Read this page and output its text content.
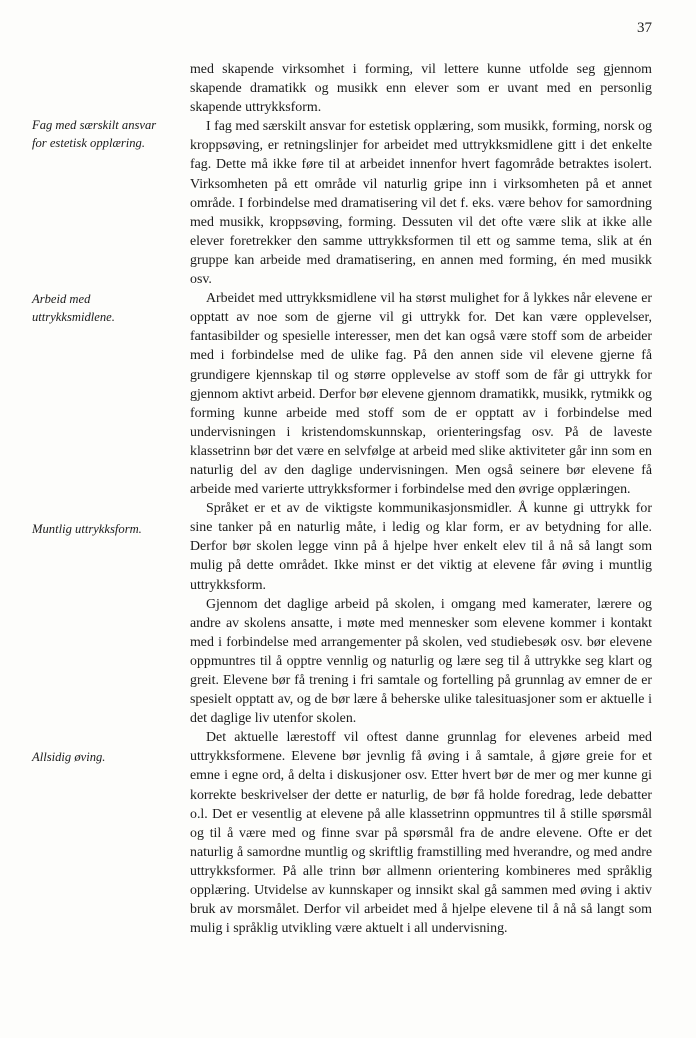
37
Fag med særskilt ansvar for estetisk opplæring.
Arbeid med uttrykksmidlene.
Muntlig uttrykksform.
Allsidig øving.

med skapende virksomhet i forming, vil lettere kunne utfolde seg gjennom skapende dramatikk og musikk enn elever som er uvant med en personlig skapende uttrykksform.

I fag med særskilt ansvar for estetisk opplæring, som musikk, forming, norsk og kroppsøving, er retningslinjer for arbeidet med uttrykksmidlene gitt i det enkelte fag. Dette må ikke føre til at arbeidet innenfor hvert fagområde betraktes isolert. Virksomheten på ett område vil naturlig gripe inn i virksomheten på et annet område. I forbindelse med dramatisering vil det f. eks. være behov for samordning med musikk, kroppsøving, forming. Dessuten vil det ofte være slik at ikke alle elever foretrekker den samme uttrykksformen til ett og samme tema, slik at én gruppe kan arbeide med dramatisering, en annen med forming, én med musikk osv.

Arbeidet med uttrykksmidlene vil ha størst mulighet for å lykkes når elevene er opptatt av noe som de gjerne vil gi uttrykk for. Det kan være opplevelser, fantasibilder og spesielle interesser, men det kan også være stoff som de arbeider med i forbindelse med de ulike fag. På den annen side vil elevene gjerne få grundigere kjennskap til og større opplevelse av stoff som de får gi uttrykk for gjennom aktivt arbeid. Derfor bør elevene gjennom dramatikk, musikk, rytmikk og forming kunne arbeide med stoff som de er opptatt av i forbindelse med undervisningen i kristendomskunnskap, orienteringsfag osv. På de laveste klassetrinn bør det være en selvfølge at arbeid med slike aktiviteter går inn som en naturlig del av den daglige undervisningen. Men også seinere bør elevene få arbeide med varierte uttrykksformer i forbindelse med den øvrige opplæringen.

Språket er et av de viktigste kommunikasjonsmidler. Å kunne gi uttrykk for sine tanker på en naturlig måte, i ledig og klar form, er av betydning for alle. Derfor bør skolen legge vinn på å hjelpe hver enkelt elev til å nå så langt som mulig på dette området. Ikke minst er det viktig at elevene får øving i muntlig uttrykksform.

Gjennom det daglige arbeid på skolen, i omgang med kamerater, lærere og andre av skolens ansatte, i møte med mennesker som elevene kommer i kontakt med i forbindelse med arrangementer på skolen, ved studiebesøk osv. bør elevene oppmuntres til å opptre vennlig og naturlig og lære seg til å uttrykke seg klart og greit. Elevene bør få trening i fri samtale og fortelling på grunnlag av emner de er spesielt opptatt av, og de bør lære å beherske ulike talesituasjoner som er aktuelle i det daglige liv utenfor skolen.

Det aktuelle lærestoff vil oftest danne grunnlag for elevenes arbeid med uttrykksformene. Elevene bør jevnlig få øving i å samtale, å gjøre greie for et emne i egne ord, å delta i diskusjoner osv. Etter hvert bør de mer og mer kunne gi korrekte beskrivelser der dette er naturlig, de bør få holde foredrag, lede debatter o.l. Det er vesentlig at elevene på alle klassetrinn oppmuntres til å stille spørsmål og til å være med og finne svar på spørsmål fra de andre elevene. Ofte er det naturlig å samordne muntlig og skriftlig framstilling med hverandre, og med andre uttrykksformer. På alle trinn bør allmenn orientering kombineres med språklig opplæring. Utvidelse av kunnskaper og innsikt skal gå sammen med øving i aktiv bruk av morsmålet. Derfor vil arbeidet med å hjelpe elevene til å nå så langt som mulig i språklig utvikling være aktuelt i all undervisning.
